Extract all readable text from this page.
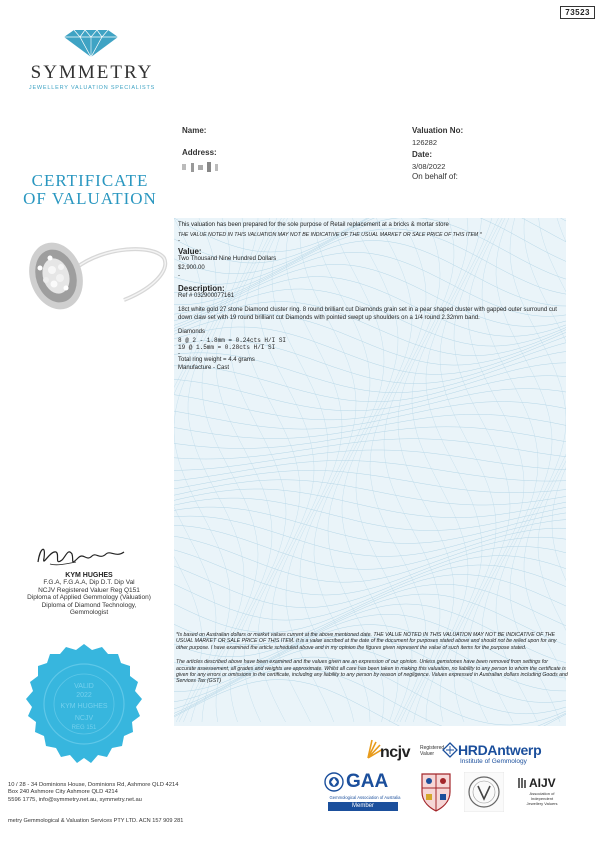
73523
SYMMETRY
JEWELLERY VALUATION SPECIALISTS
CERTIFICATE
OF VALUATION
Name:
Address:
Valuation No:
126282
Date:
3/08/2022
On behalf of:
This valuation has been prepared for the sole purpose of Retail replacement at a bricks & mortar store
THE VALUE NOTED IN THIS VALUATION MAY NOT BE INDICATIVE OF THE USUAL MARKET OR SALE PRICE OF THIS ITEM *
-
Value:
Two Thousand Nine Hundred Dollars
$2,900.00
-
Description:
Ref # 032900077161
18ct white gold 27 stone Diamond cluster ring. 8 round brilliant cut Diamonds grain set in a pear shaped cluster with gapped outer surround cut down claw set with 19 round brilliant cut Diamonds with pointed swept up shoulders on a 1/4 round 2.32mm band.
Diamonds
8 @ 2 - 1.8mm = 0.24cts H/I SI
19 @ 1.5mm = 0.28cts H/I SI
-
Total ring weight = 4.4 grams
Manufacture - Cast
*Is based on Australian dollars or market values current at the above mentioned date. THE VALUE NOTED IN THIS VALUATION MAY NOT BE INDICATIVE OF THE USUAL MARKET OR SALE PRICE OF THIS ITEM. It is a value ascribed at the date of the document for purposes stated above and should not be relied upon for any other purpose. I have examined the article scheduled above and in my opinion the figures given represent the value of such items for the purpose stated.
The articles described above have been examined and the values given are an expression of our opinion. Unless gemstones have been removed from settings for accurate assessement, all grades and weights are approximate. Whilst all care has been taken in making this valuation, no liability to any person to whom the certificate is given for any errors or omissions in the certificate, including any liability to any person by reason of negligence. Values expressed in Australian dollars including Goods and Services Tax (GST)
KYM HUGHES
F.G.A, F.G.A.A, Dip D.T. Dip Val
NCJV Registered Valuer Reg Q151
Diploma of Applied Gemmology (Valuation)
Diploma of Diamond Technology,
Gemmologist
VALID
2022
KYM HUGHES
NCJV
REG 151
10 / 28 - 34 Dominions House, Dominions Rd, Ashmore QLD 4214
Box 240 Ashmore City Ashmore QLD 4214
5596 1775, info@symmetry.net.au, symmetry.net.au
metry Gemmological & Valuation Services PTY LTD. ACN 157 909 281
ncjv Registered
Valuer	HRDAntwerp
Institute of Gemmology
GAA
Gemmological Association of Australia
Member
AIJV
Association of
Independent
Jewellery Valuers
